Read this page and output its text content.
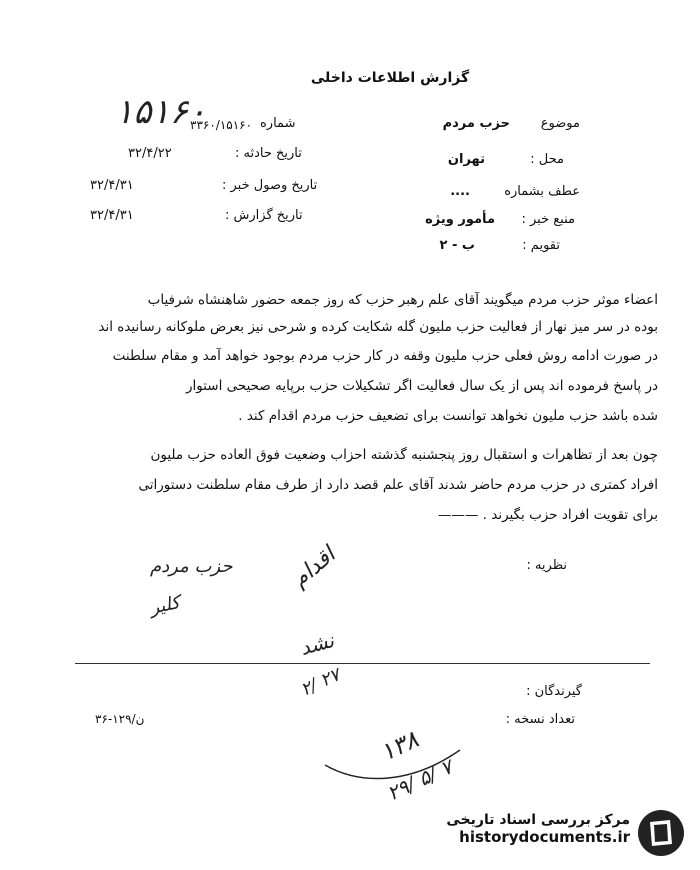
گزارش اطلاعات داخلی
موضوع
حزب مردم
محل :
تهران
عطف بشماره
....
منبع خبر :
مأمور ویژه
تقویم :
ب - ۲
شماره
۱۵۱۶۰
۳۳۶۰/۱۵۱۶۰
تاریخ حادثه :
۳۲/۴/۲۲
تاریخ وصول خبر :
۳۲/۴/۳۱
تاریخ گزارش :
۳۲/۴/۳۱
اعضاء موثر حزب مردم میگویند آقای علم رهبر حزب که روز جمعه حضور شاهنشاه شرفیاب
بوده در سر میز نهار از فعالیت حزب ملیون گله شکایت کرده و شرحی نیز بعرض ملوکانه رسانیده اند
در صورت ادامه روش فعلی حزب ملیون وقفه در کار حزب مردم بوجود خواهد آمد و مقام سلطنت
در پاسخ فرموده اند پس از یک سال فعالیت اگر تشکیلات حزب برپایه صحیحی استوار
شده باشد حزب ملیون نخواهد توانست برای تضعیف حزب مردم اقدام کند .
چون بعد از تظاهرات و استقبال روز پنجشنبه گذشته احزاب وضعیت فوق العاده حزب ملیون
افراد کمتری در حزب مردم حاضر شدند آقای علم قصد دارد از طرف مقام سلطنت دستوراتی
برای تقویت افراد حزب بگیرند . ———
نظریه :
حزب مردم
کلیر
اقدام
نشد
۲/ ۲۷	گیرندگان :
تعداد نسخه :
۳۶-۱۲۹/ن
۱۳۸
۲۹/ ۵/ ۷
مرکز بررسی اسناد تاریخی
historydocuments.ir
